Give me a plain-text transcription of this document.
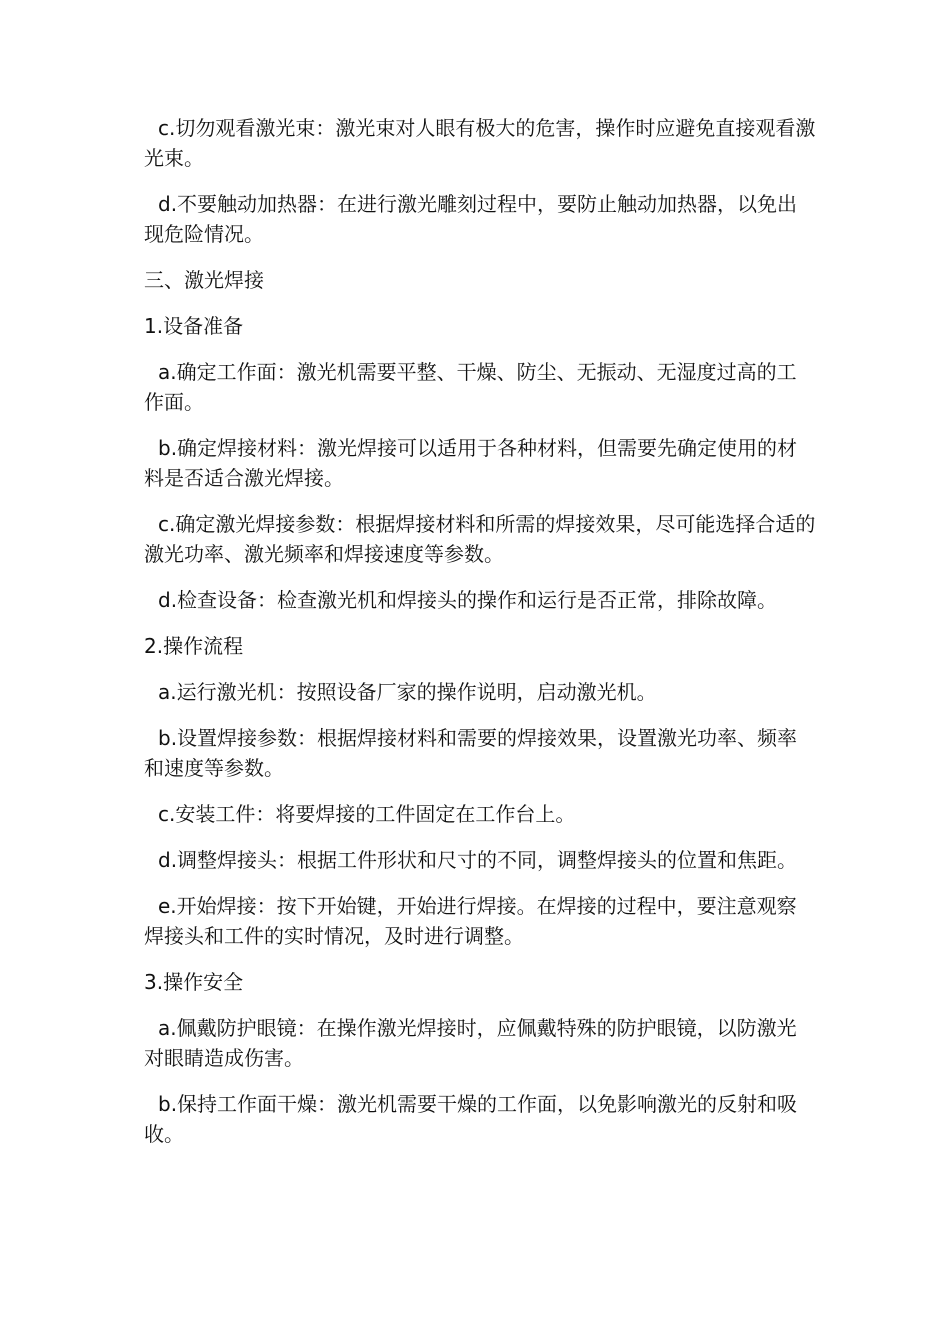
c.切勿观看激光束：激光束对人眼有极大的危害，操作时应避免直接观看激光束。

d.不要触动加热器：在进行激光雕刻过程中，要防止触动加热器，以免出现危险情况。

三、激光焊接

1.设备准备

a.确定工作面：激光机需要平整、干燥、防尘、无振动、无湿度过高的工作面。

b.确定焊接材料：激光焊接可以适用于各种材料，但需要先确定使用的材料是否适合激光焊接。

c.确定激光焊接参数：根据焊接材料和所需的焊接效果，尽可能选择合适的激光功率、激光频率和焊接速度等参数。

d.检查设备：检查激光机和焊接头的操作和运行是否正常，排除故障。

2.操作流程

a.运行激光机：按照设备厂家的操作说明，启动激光机。

b.设置焊接参数：根据焊接材料和需要的焊接效果，设置激光功率、频率和速度等参数。

c.安装工件：将要焊接的工件固定在工作台上。

d.调整焊接头：根据工件形状和尺寸的不同，调整焊接头的位置和焦距。

e.开始焊接：按下开始键，开始进行焊接。在焊接的过程中，要注意观察焊接头和工件的实时情况，及时进行调整。

3.操作安全

a.佩戴防护眼镜：在操作激光焊接时，应佩戴特殊的防护眼镜，以防激光对眼睛造成伤害。

b.保持工作面干燥：激光机需要干燥的工作面，以免影响激光的反射和吸收。
